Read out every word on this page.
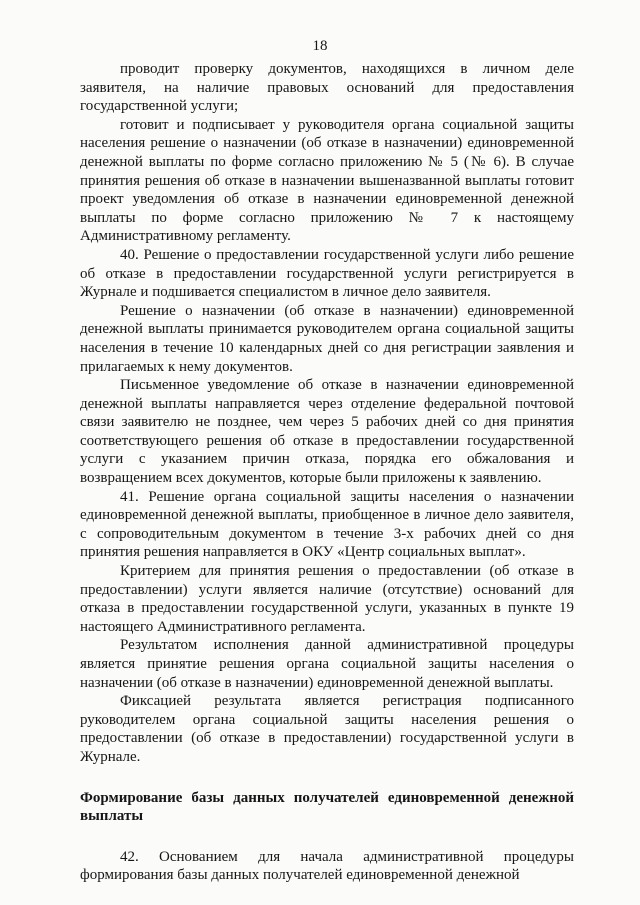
18

проводит проверку документов, находящихся в личном деле заявителя, на наличие правовых оснований для предоставления государственной услуги;

готовит и подписывает у руководителя органа социальной защиты населения решение о назначении (об отказе в назначении) единовременной денежной выплаты по форме согласно приложению № 5 (№ 6). В случае принятия решения об отказе в назначении вышеназванной выплаты готовит проект уведомления об отказе в назначении единовременной денежной выплаты по форме согласно приложению № 7 к настоящему Административному регламенту.

40. Решение о предоставлении государственной услуги либо решение об отказе в предоставлении государственной услуги регистрируется в Журнале и подшивается специалистом в личное дело заявителя.

Решение о назначении (об отказе в назначении) единовременной денежной выплаты принимается руководителем органа социальной защиты населения в течение 10 календарных дней со дня регистрации заявления и прилагаемых к нему документов.

Письменное уведомление об отказе в назначении единовременной денежной выплаты направляется через отделение федеральной почтовой связи заявителю не позднее, чем через 5 рабочих дней со дня принятия соответствующего решения об отказе в предоставлении государственной услуги с указанием причин отказа, порядка его обжалования и возвращением всех документов, которые были приложены к заявлению.

41. Решение органа социальной защиты населения о назначении единовременной денежной выплаты, приобщенное в личное дело заявителя, с сопроводительным документом в течение 3-х рабочих дней со дня принятия решения направляется в ОКУ «Центр социальных выплат».

Критерием для принятия решения о предоставлении (об отказе в предоставлении) услуги является наличие (отсутствие) оснований для отказа в предоставлении государственной услуги, указанных в пункте 19 настоящего Административного регламента.

Результатом исполнения данной административной процедуры является принятие решения органа социальной защиты населения о назначении (об отказе в назначении) единовременной денежной выплаты.

Фиксацией результата является регистрация подписанного руководителем органа социальной защиты населения решения о предоставлении (об отказе в предоставлении) государственной услуги в Журнале.

Формирование базы данных получателей единовременной денежной выплаты

42. Основанием для начала административной процедуры формирования базы данных получателей единовременной денежной
